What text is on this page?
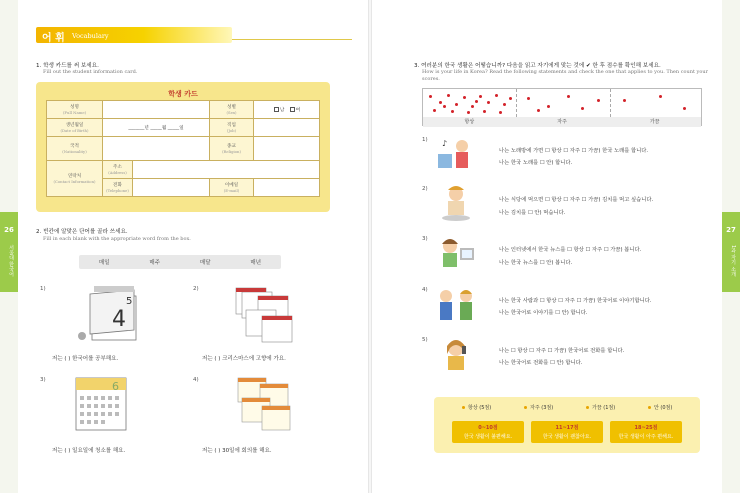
26
서울대 한국어
어 휘 Vocabulary
1. 학생 카드를 써 보세요.
Fill out the student information card.
학생 카드
성명
(Full Name)			성별
(Sex)	남 여
생년월일
(Date of Birth)	_______년 _____월 _____일		직업
(Job)	

국적
(Nationality)			종교
(Religion)	

연락처
(Contact Information)	주소
(Address)			

	전화
(Telephone)		이메일
(E-mail)	

2. 빈칸에 알맞은 단어를 골라 쓰세요.
Fill in each blank with the appropriate word from the box.
매일	매주	매달	매년
1)
4
5
저는 ( ) 한국어를 공부해요.
2)
저는 ( ) 크리스마스에 고향에 가요.
3)	6
저는 ( ) 일요일에 청소를 해요.
4)
저는 ( ) 30일에 회의를 해요.
27
1과 자기 소개
3. 여러분의 한국 생활은 어떻습니까? 다음을 읽고 자기에게 맞는 것에 ✔ 한 후 점수를 확인해 보세요.
How is your life in Korea? Read the following statements and check the one that applies to you. Then count your scores.
항상	자주	가끔
1) ♪
나는 노래방에 가면 ☐ 항상 ☐ 자주 ☐ 가끔) 한국 노래를 합니다.
나는 한국 노래를 ☐ 안) 합니다.
2)
나는 식당에 먹으면 ☐ 항상 ☐ 자주 ☐ 가끔) 김치를 먹고 싶습니다.
나는 김치를 ☐ 안) 먹습니다.
3)
나는 인터넷에서 한국 뉴스를 ☐ 항상 ☐ 자주 ☐ 가끔) 봅니다.
나는 한국 뉴스를 ☐ 안) 봅니다.
4)
나는 한국 사람과 ☐ 항상 ☐ 자주 ☐ 가끔) 한국어로 이야기합니다.
나는 한국어로 이야기를 ☐ 안) 합니다.
5)
나는 ☐ 항상 ☐ 자주 ☐ 가끔) 한국어로 전화를 합니다.
나는 한국어로 전화를 ☐ 안) 합니다.
항상 (5점)	자주 (3점)	가끔 (1점)	안 (0점)
0~10점
한국 생활이 불편해요.
11~17점
한국 생활이 괜찮아요.
18~25점
한국 생활이 아주 편해요.
